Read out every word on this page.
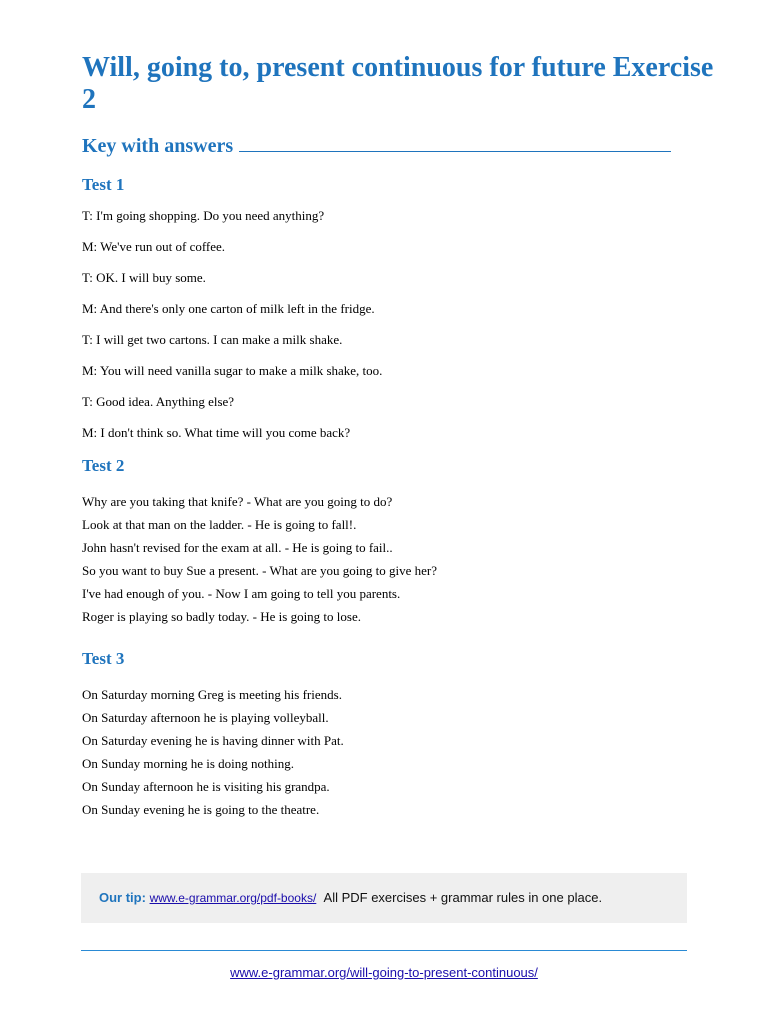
Will, going to, present continuous for future Exercise 2
Key with answers
Test 1
T: I'm going shopping. Do you need anything?
M: We've run out of coffee.
T: OK. I will buy some.
M: And there's only one carton of milk left in the fridge.
T: I will get two cartons. I can make a milk shake.
M: You will need vanilla sugar to make a milk shake, too.
T: Good idea. Anything else?
M: I don't think so. What time will you come back?
Test 2
Why are you taking that knife? - What are you going to do?
Look at that man on the ladder. - He is going to fall!.
John hasn't revised for the exam at all. - He is going to fail..
So you want to buy Sue a present. - What are you going to give her?
I've had enough of you. - Now I am going to tell you parents.
Roger is playing so badly today. - He is going to lose.
Test 3
On Saturday morning Greg is meeting his friends.
On Saturday afternoon he is playing volleyball.
On Saturday evening he is having dinner with Pat.
On Sunday morning he is doing nothing.
On Sunday afternoon he is visiting his grandpa.
On Sunday evening he is going to the theatre.
Our tip: www.e-grammar.org/pdf-books/ All PDF exercises + grammar rules in one place.
www.e-grammar.org/will-going-to-present-continuous/
